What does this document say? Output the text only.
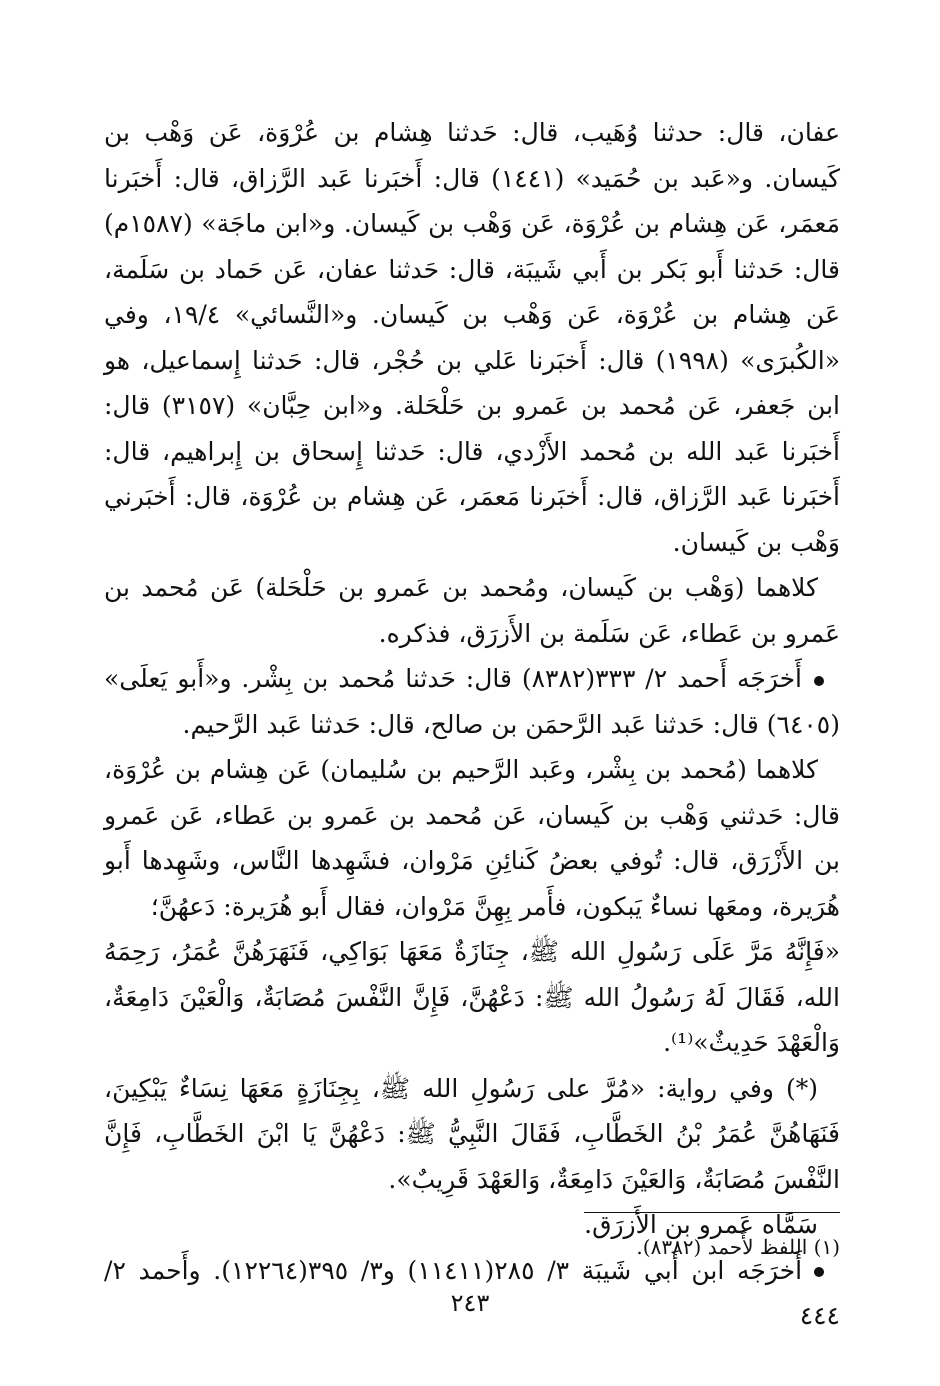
عفان، قال: حدثنا وُهَيب، قال: حَدثنا هِشام بن عُرْوَة، عَن وَهْب بن كَيسان. و«عَبد بن حُمَيد» (١٤٤١) قال: أَخبَرنا عَبد الرَّزاق، قال: أَخبَرنا مَعمَر، عَن هِشام بن عُرْوَة، عَن وَهْب بن كَيسان. و«ابن ماجَة» (١٥٨٧م) قال: حَدثنا أَبو بَكر بن أَبي شَيبَة، قال: حَدثنا عفان، عَن حَماد بن سَلَمة، عَن هِشام بن عُرْوَة، عَن وَهْب بن كَيسان. و«النَّسائي» ١٩/٤، وفي «الكُبرَى» (١٩٩٨) قال: أَخبَرنا عَلي بن حُجْر، قال: حَدثنا إِسماعيل، هو ابن جَعفر، عَن مُحمد بن عَمرو بن حَلْحَلة. و«ابن حِبَّان» (٣١٥٧) قال: أَخبَرنا عَبد الله بن مُحمد الأَزْدي، قال: حَدثنا إِسحاق بن إِبراهيم، قال: أَخبَرنا عَبد الرَّزاق، قال: أَخبَرنا مَعمَر، عَن هِشام بن عُرْوَة، قال: أَخبَرني وَهْب بن كَيسان.

كلاهما (وَهْب بن كَيسان، ومُحمد بن عَمرو بن حَلْحَلة) عَن مُحمد بن عَمرو بن عَطاء، عَن سَلَمة بن الأَزرَق، فذكره.

أَخرَجَه أَحمد ٢/ ٣٣٣(٨٣٨٢) قال: حَدثنا مُحمد بن بِشْر. و«أَبو يَعلَى» (٦٤٠٥) قال: حَدثنا عَبد الرَّحمَن بن صالح، قال: حَدثنا عَبد الرَّحيم.

كلاهما (مُحمد بن بِشْر، وعَبد الرَّحيم بن سُليمان) عَن هِشام بن عُرْوَة، قال: حَدثني وَهْب بن كَيسان، عَن مُحمد بن عَمرو بن عَطاء، عَن عَمرو بن الأَزْرَق، قال: تُوفي بعضُ كَنائِنِ مَرْوان، فشَهِدها النَّاس، وشَهِدها أَبو هُرَيرة، ومعَها نساءٌ يَبكون، فأَمر بِهِنَّ مَرْوان، فقال أَبو هُرَيرة: دَعهُنَّ؛

«فَإِنَّهُ مَرَّ عَلَى رَسُولِ الله ﷺ، جِنَازَةٌ مَعَهَا بَوَاكِي، فَنَهَرَهُنَّ عُمَرُ، رَحِمَهُ الله، فَقَالَ لَهُ رَسُولُ الله ﷺ: دَعْهُنَّ، فَإِنَّ النَّفْسَ مُصَابَةٌ، وَالْعَيْنَ دَامِعَةٌ، وَالْعَهْدَ حَدِيثٌ»⁽¹⁾.

(*) وفي رواية: «مُرَّ على رَسُولِ الله ﷺ، بِجِنَازَةٍ مَعَهَا نِسَاءٌ يَبْكِينَ، فَنَهَاهُنَّ عُمَرُ بْنُ الخَطَّابِ، فَقَالَ النَّبِيُّ ﷺ: دَعْهُنَّ يَا ابْنَ الخَطَّابِ، فَإِنَّ النَّفْسَ مُصَابَةٌ، وَالعَيْنَ دَامِعَةٌ، وَالعَهْدَ قَرِيبٌ».

سَمَّاه عَمرو بن الأَزرَق.

أَخرَجَه ابن أَبي شَيبَة ٣/ ٢٨٥(١١٤١١) و٣/ ٣٩٥(١٢٢٦٤). وأَحمد ٢/ ٤٤٤

(١) اللفظ لأَحمد (٨٣٨٢).
٢٤٣
